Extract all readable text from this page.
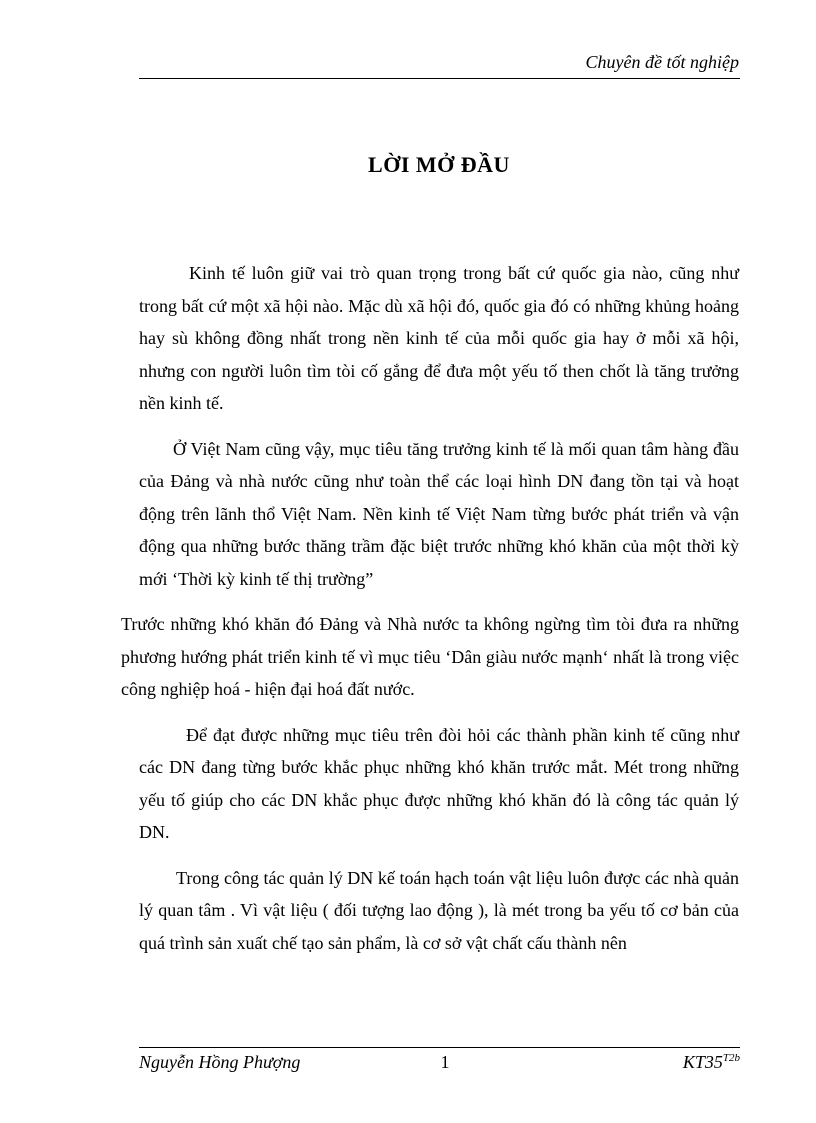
Chuyên đề tốt nghiệp
LỜI MỞ ĐẦU

Kinh tế luôn giữ vai trò quan trọng trong bất cứ quốc gia nào, cũng như trong bất cứ một xã hội nào. Mặc dù xã hội đó, quốc gia đó có những khủng hoảng hay sù không đồng nhất trong nền kinh tế của mỗi quốc gia hay ở mỗi xã hội, nhưng con người luôn tìm tòi cố gắng để đưa một yếu tố then chốt là tăng trưởng nền kinh tế.

Ở Việt Nam cũng vậy, mục tiêu tăng trưởng kinh tế là mối quan tâm hàng đầu của Đảng và nhà nước cũng như toàn thể các loại hình DN đang tồn tại và hoạt động trên lãnh thổ Việt Nam. Nền kinh tế Việt Nam từng bước phát triển và vận động qua những bước thăng trầm đặc biệt trước những khó khăn của một thời kỳ mới ‘Thời kỳ kinh tế thị trường”

Trước những khó khăn đó Đảng và Nhà nước ta không ngừng tìm tòi đưa ra những phương hướng phát triển kinh tế vì mục tiêu ‘Dân giàu nước mạnh‘ nhất là trong việc công nghiệp hoá - hiện đại hoá đất nước.

Để đạt được những mục tiêu trên đòi hỏi các thành phần kinh tế cũng như các DN đang từng bước khắc phục những khó khăn trước mắt. Mét trong những yếu tố giúp cho các DN khắc phục được những khó khăn đó là công tác quản lý DN.

Trong công tác quản lý DN kế toán hạch toán vật liệu luôn được các nhà quản lý quan tâm . Vì vật liệu ( đối tượng lao động ), là mét trong ba yếu tố cơ bản của quá trình sản xuất chế tạo sản phẩm, là cơ sở vật chất cấu thành nên

Nguyễn Hồng Phượng	1	$KT35^{T2b}$
